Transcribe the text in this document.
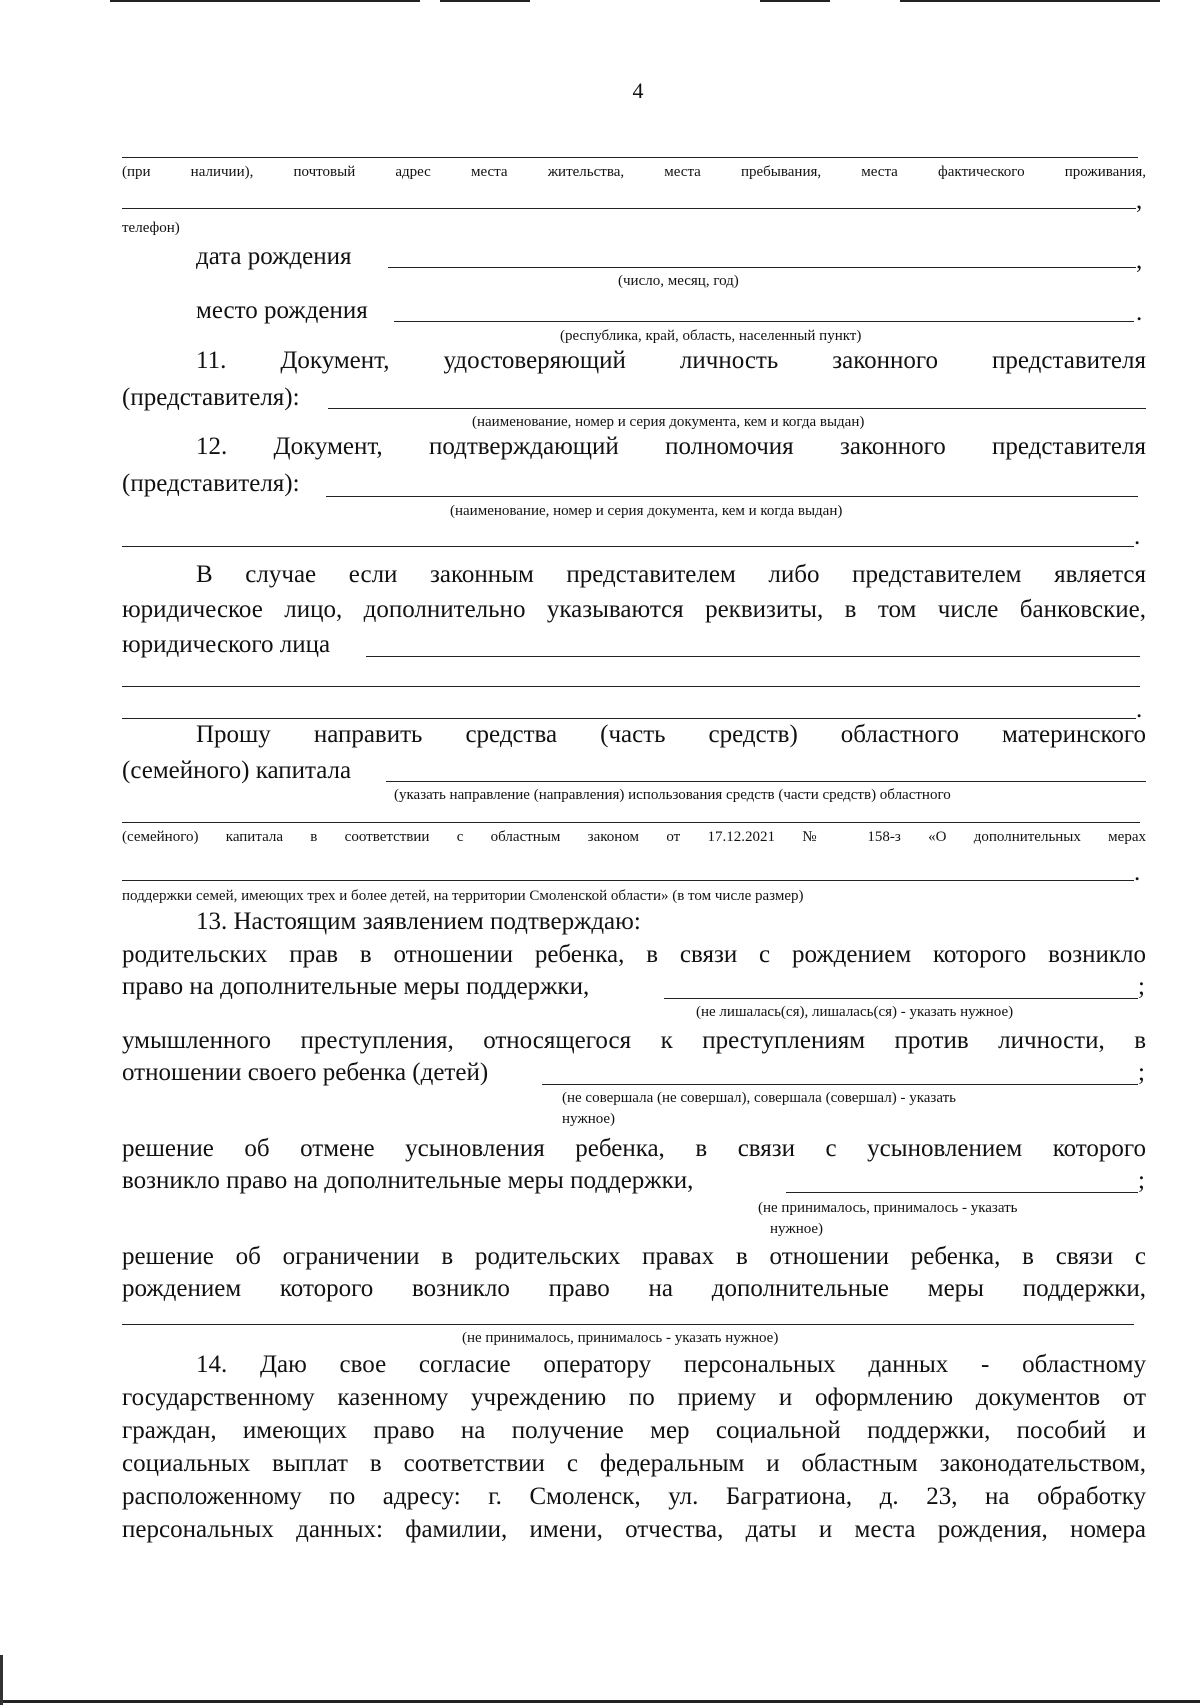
4
(при наличии), почтовый адрес места жительства, места пребывания, места фактического проживания,
,
телефон)
дата рождения	,
(число, месяц, год)
место рождения	.
(республика, край, область, населенный пункт)
11. Документ, удостоверяющий личность законного представителя
(представителя):
(наименование, номер и серия документа, кем и когда выдан)
12. Документ, подтверждающий полномочия законного представителя
(представителя):
(наименование, номер и серия документа, кем и когда выдан)
.
В случае если законным представителем либо представителем является
юридическое лицо, дополнительно указываются реквизиты, в том числе банковские,
юридического лица
.
Прошу направить средства (часть средств) областного материнского
(семейного) капитала
(указать направление (направления) использования средств (части средств) областного
(семейного) капитала в соответствии с областным законом от 17.12.2021 № 158-з «О дополнительных мерах
.
поддержки семей, имеющих трех и более детей, на территории Смоленской области» (в том числе размер)
13. Настоящим заявлением подтверждаю:
родительских прав в отношении ребенка, в связи с рождением которого возникло
право на дополнительные меры поддержки,	;
(не лишалась(ся), лишалась(ся) - указать нужное)
умышленного преступления, относящегося к преступлениям против личности, в
отношении своего ребенка (детей)	;
(не совершала (не совершал), совершала (совершал) - указать
нужное)
решение об отмене усыновления ребенка, в связи с усыновлением которого
возникло право на дополнительные меры поддержки,	;
(не принималось, принималось - указать
нужное)
решение об ограничении в родительских правах в отношении ребенка, в связи с
рождением которого возникло право на дополнительные меры поддержки,
(не принималось, принималось - указать нужное)
14. Даю свое согласие оператору персональных данных - областному
государственному казенному учреждению по приему и оформлению документов от
граждан, имеющих право на получение мер социальной поддержки, пособий и
социальных выплат в соответствии с федеральным и областным законодательством,
расположенному по адресу: г. Смоленск, ул. Багратиона, д. 23, на обработку
персональных данных: фамилии, имени, отчества, даты и места рождения, номера
